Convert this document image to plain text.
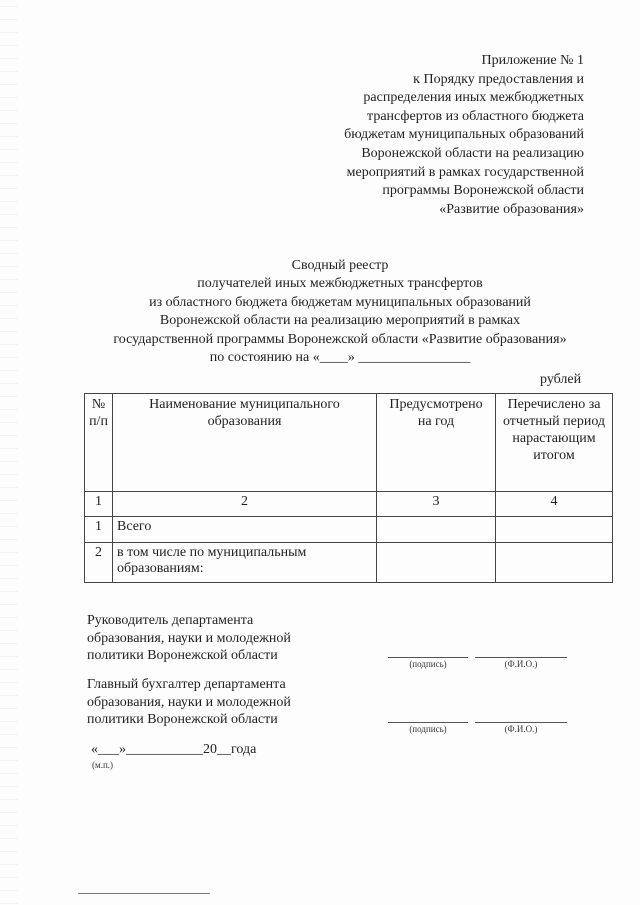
Приложение № 1
к Порядку предоставления и
распределения иных межбюджетных
трансфертов из областного бюджета
бюджетам муниципальных образований
Воронежской области на реализацию
мероприятий в рамках государственной
программы Воронежской области
«Развитие образования»
Сводный реестр
получателей иных межбюджетных трансфертов
из областного бюджета бюджетам муниципальных образований
Воронежской области на реализацию мероприятий в рамках
государственной программы Воронежской области «Развитие образования»
по состоянию на «____» ________________
рублей
№ п/п	Наименование муниципального образования	Предусмотрено на год	Перечислено за отчетный период нарастающим итогом
1	2	3	4
1	Всего		
2	в том числе по муниципальным образованиям:		
Руководитель департамента
образования, науки и молодежной
политики Воронежской области
(подпись)	(Ф.И.О.)
Главный бухгалтер департамента
образования, науки и молодежной
политики Воронежской области
(подпись)	(Ф.И.О.)
«___»___________20__года
(м.п.)
